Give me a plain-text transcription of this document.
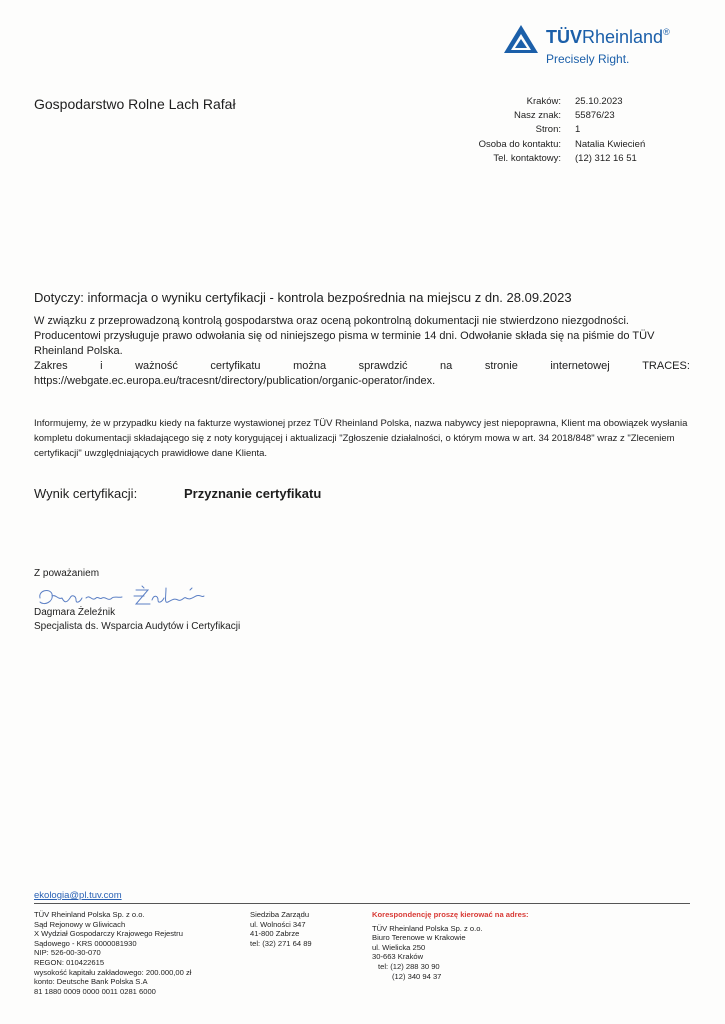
TÜVRheinland®
Precisely Right.
Gospodarstwo Rolne Lach Rafał	Kraków:	25.10.2023
Nasz znak:	55876/23
Stron:	1
Osoba do kontaktu:	Natalia Kwiecień
Tel. kontaktowy:	(12) 312 16 51
Dotyczy: informacja o wyniku certyfikacji - kontrola bezpośrednia na miejscu z dn. 28.09.2023

W związku z przeprowadzoną kontrolą gospodarstwa oraz oceną pokontrolną dokumentacji nie stwierdzono niezgodności. Producentowi przysługuje prawo odwołania się od niniejszego pisma w terminie 14 dni. Odwołanie składa się na piśmie do TÜV Rheinland Polska.

Zakres	i	ważność	certyfikatu	można	sprawdzić	na	stronie	internetowej	TRACES:
https://webgate.ec.europa.eu/tracesnt/directory/publication/organic-operator/index.
Informujemy, że w przypadku kiedy na fakturze wystawionej przez TÜV Rheinland Polska, nazwa nabywcy jest niepoprawna, Klient ma obowiązek wysłania kompletu dokumentacji składającego się z noty korygującej i aktualizacji "Zgłoszenie działalności, o którym mowa w art. 34 2018/848" wraz z "Zleceniem certyfikacji" uwzględniających prawidłowe dane Klienta.
Wynik certyfikacji:	Przyznanie certyfikatu
Z poważaniem
Dagmara Żeleźnik
Specjalista ds. Wsparcia Audytów i Certyfikacji
ekologia@pl.tuv.com
TÜV Rheinland Polska Sp. z o.o.
Sąd Rejonowy w Gliwicach
X Wydział Gospodarczy Krajowego Rejestru
Sądowego - KRS 0000081930
NIP: 526-00-30-070
REGON: 010422615
wysokość kapitału zakładowego: 200.000,00 zł
konto: Deutsche Bank Polska S.A
81 1880 0009 0000 0011 0281 6000
Siedziba Zarządu
ul. Wolności 347
41-800 Zabrze
tel: (32) 271 64 89
Korespondencję proszę kierować na adres:
TÜV Rheinland Polska Sp. z o.o.
Biuro Terenowe w Krakowie
ul. Wielicka 250
30-663 Kraków
tel: (12) 288 30 90
(12) 340 94 37
